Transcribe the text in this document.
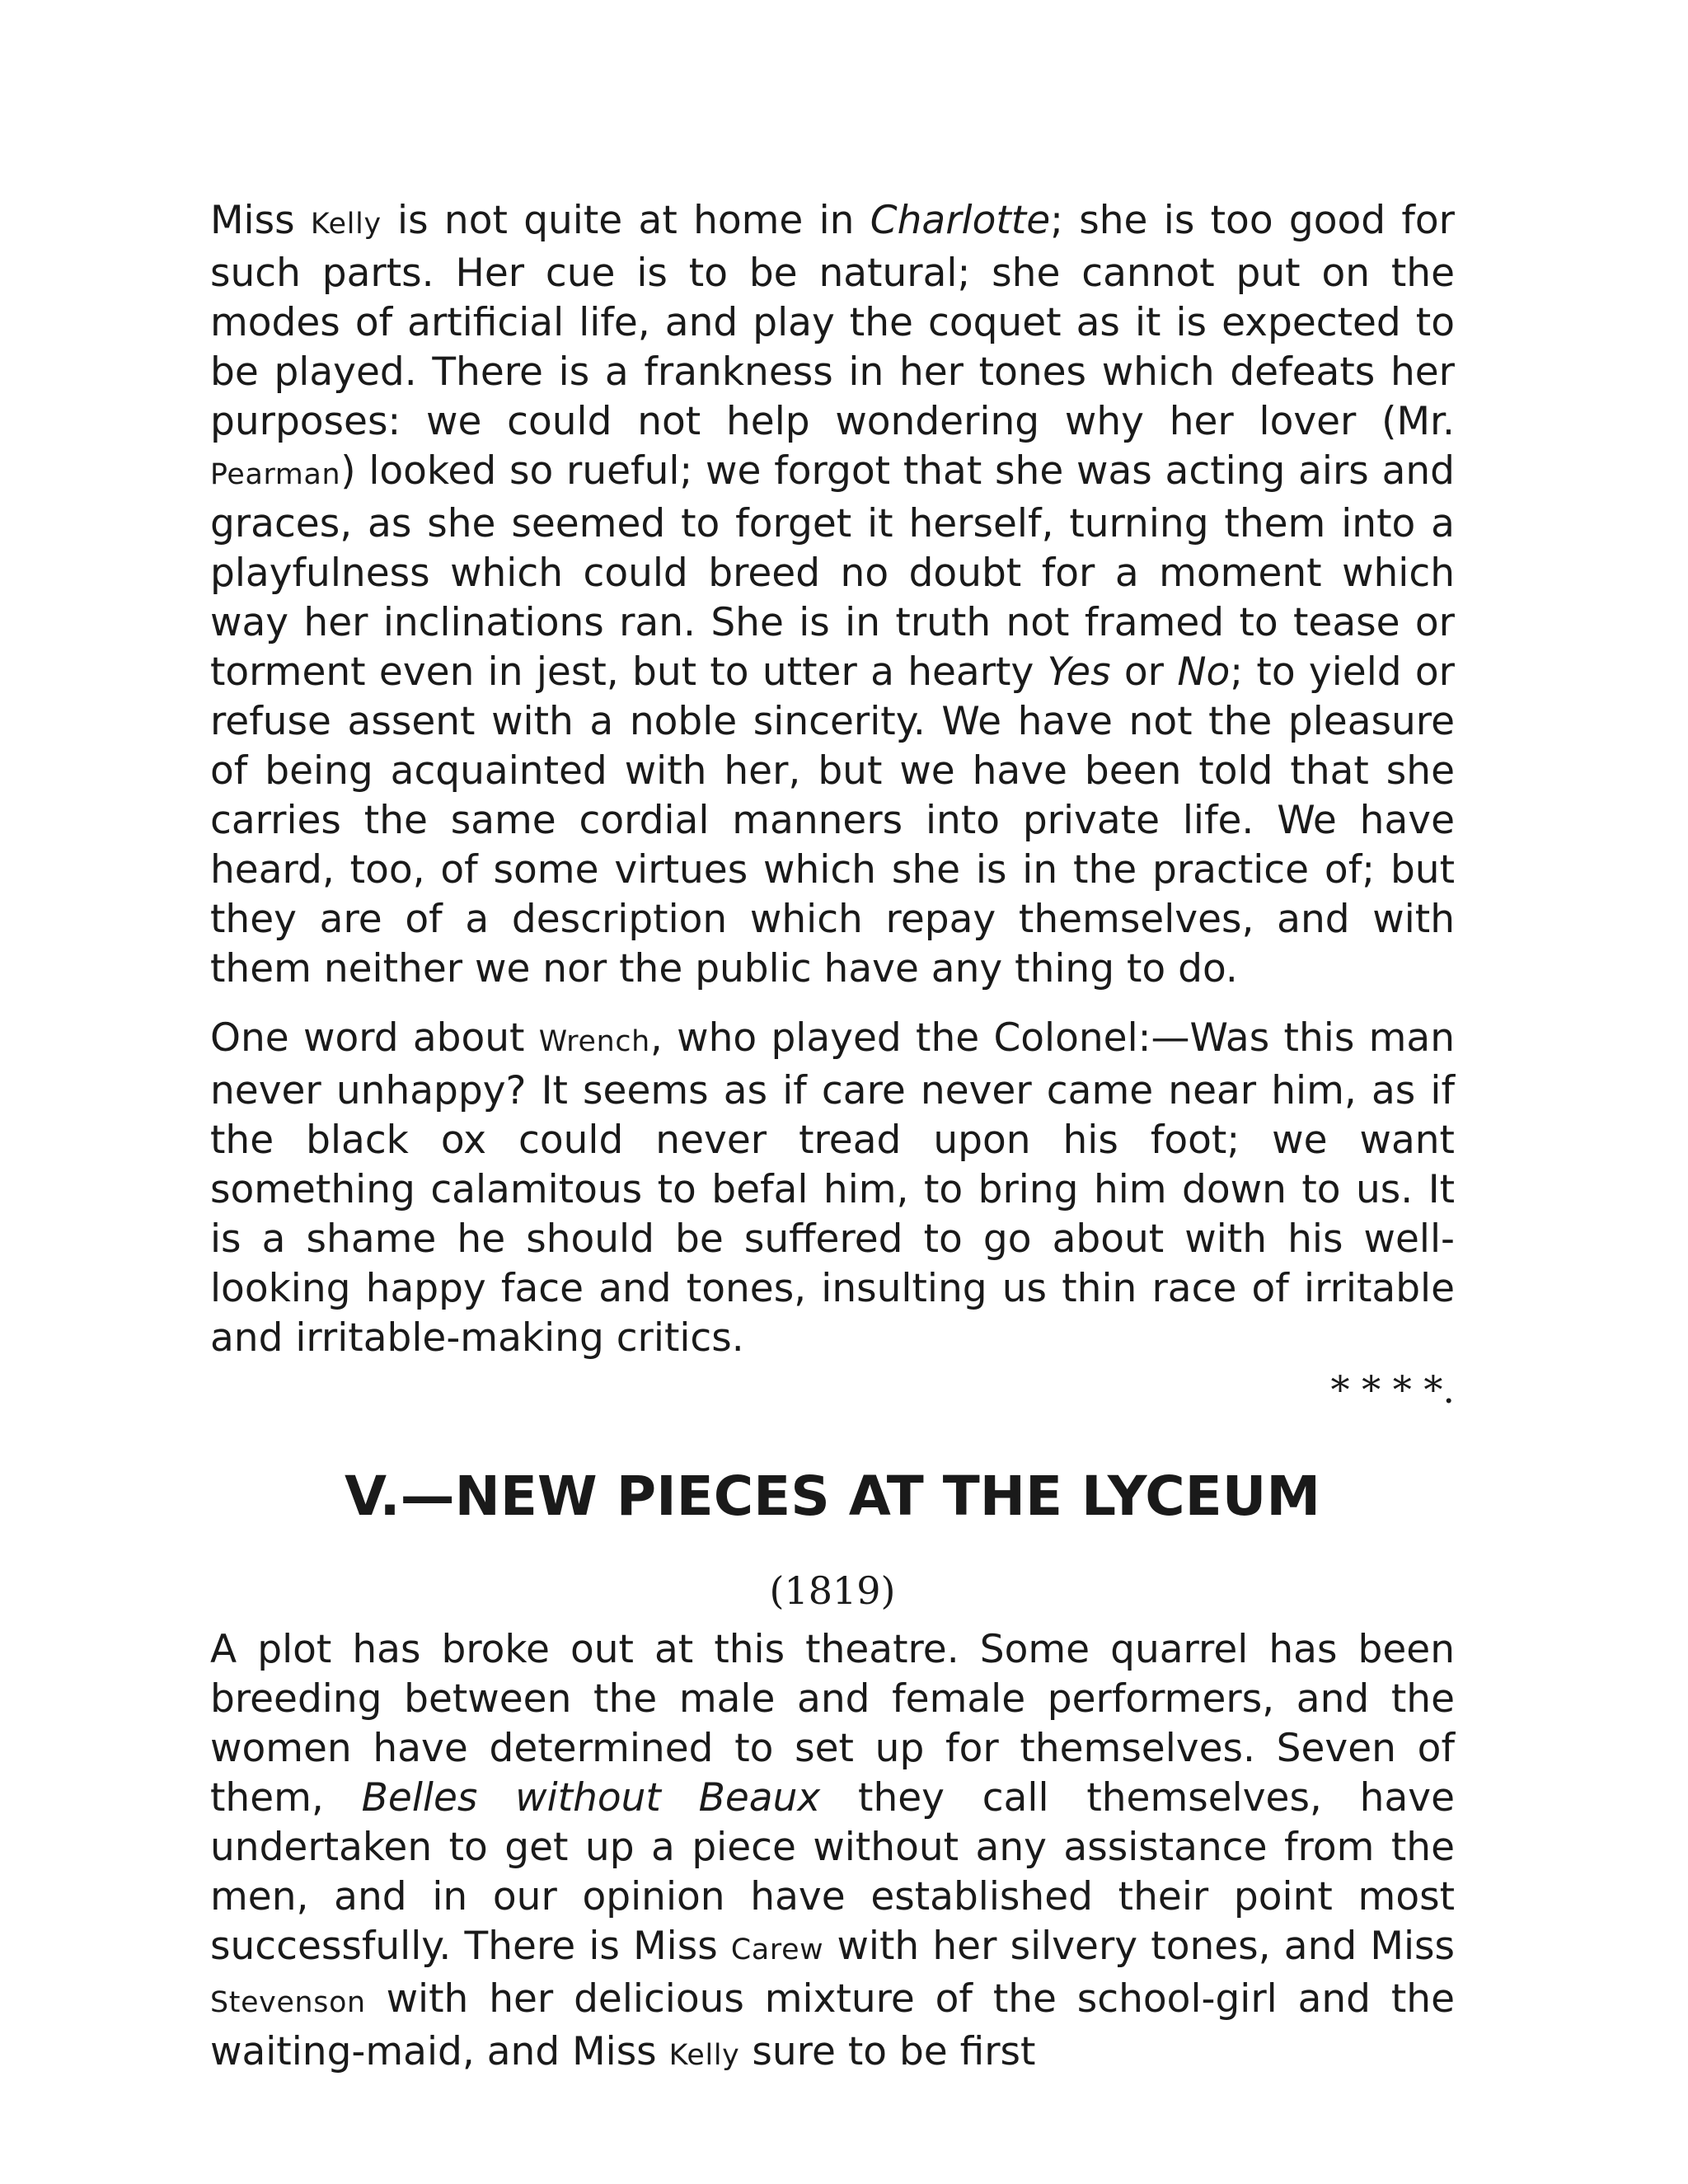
Miss Kelly is not quite at home in Charlotte; she is too good for such parts. Her cue is to be natural; she cannot put on the modes of artificial life, and play the coquet as it is expected to be played. There is a frankness in her tones which defeats her purposes: we could not help wondering why her lover (Mr. Pearman) looked so rueful; we forgot that she was acting airs and graces, as she seemed to forget it herself, turning them into a playfulness which could breed no doubt for a moment which way her inclinations ran. She is in truth not framed to tease or torment even in jest, but to utter a hearty Yes or No; to yield or refuse assent with a noble sincerity. We have not the pleasure of being acquainted with her, but we have been told that she carries the same cordial manners into private life. We have heard, too, of some virtues which she is in the practice of; but they are of a description which repay themselves, and with them neither we nor the public have any thing to do.

One word about Wrench, who played the Colonel:—Was this man never unhappy? It seems as if care never came near him, as if the black ox could never tread upon his foot; we want something calamitous to befal him, to bring him down to us. It is a shame he should be suffered to go about with his well-looking happy face and tones, insulting us thin race of irritable and irritable-making critics.

* * * *.
V.—NEW PIECES AT THE LYCEUM
(1819)

A plot has broke out at this theatre. Some quarrel has been breeding between the male and female performers, and the women have determined to set up for themselves. Seven of them, Belles without Beaux they call themselves, have undertaken to get up a piece without any assistance from the men, and in our opinion have established their point most successfully. There is Miss Carew with her silvery tones, and Miss Stevenson with her delicious mixture of the school-girl and the waiting-maid, and Miss Kelly sure to be first
